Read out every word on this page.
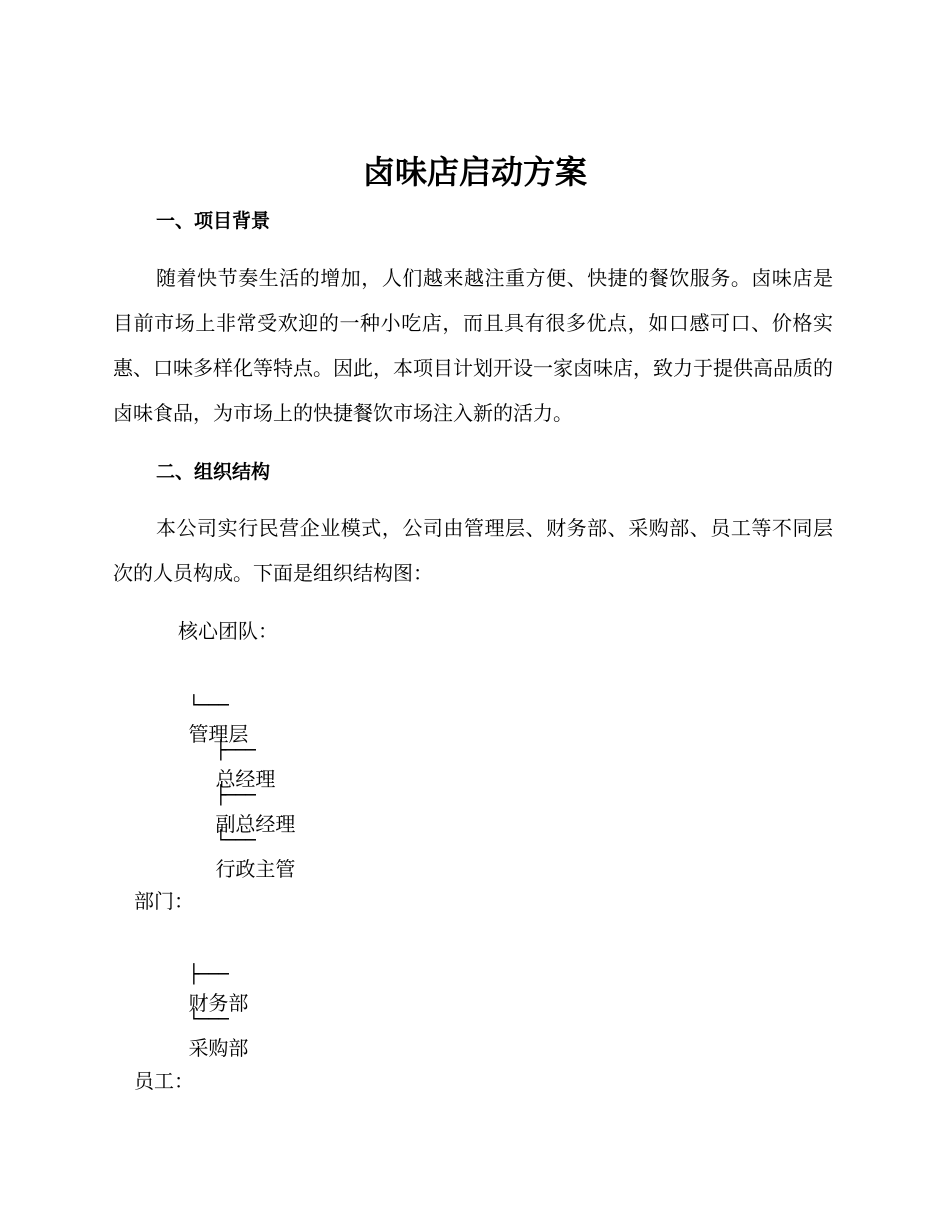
卤味店启动方案
一、项目背景
随着快节奏生活的增加，人们越来越注重方便、快捷的餐饮服务。卤味店是目前市场上非常受欢迎的一种小吃店，而且具有很多优点，如口感可口、价格实惠、口味多样化等特点。因此，本项目计划开设一家卤味店，致力于提供高品质的卤味食品，为市场上的快捷餐饮市场注入新的活力。
二、组织结构
本公司实行民营企业模式，公司由管理层、财务部、采购部、员工等不同层次的人员构成。下面是组织结构图：
核心团队：

└───
管理层

├───
总经理

├───
副总经理

└───
行政主管

部门：

├───
财务部

└───
采购部

员工：
